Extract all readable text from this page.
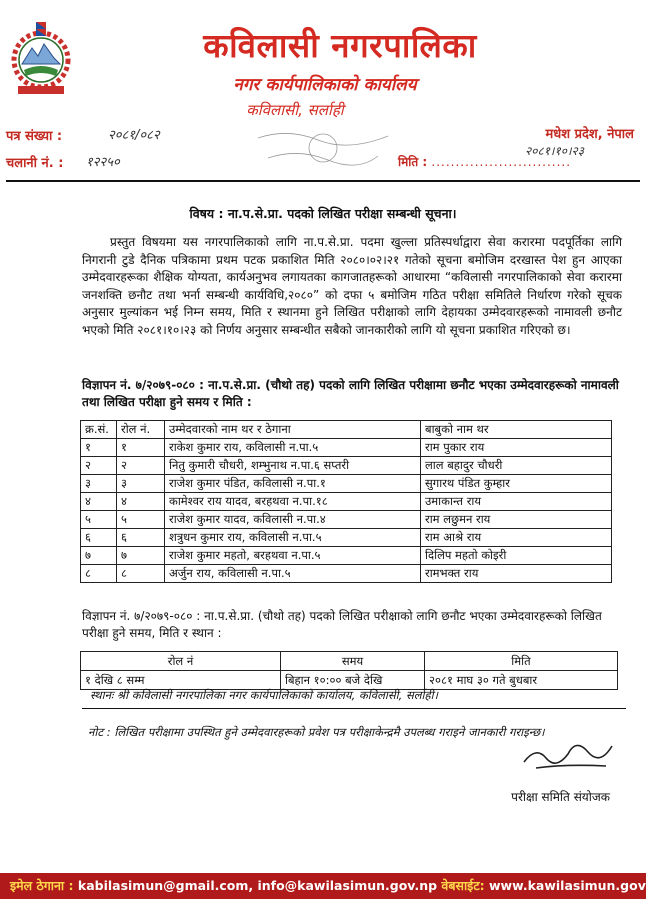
कविलासी नगरपालिका
नगर कार्यपालिकाको कार्यालय
कविलासी, सर्लाही
पत्र संख्या :	२०८१/०८२
चलानी नं. : १२२५०
मधेश प्रदेश, नेपाल
२०८१।१०।२३
मिति : .............................
विषय : ना.प.से.प्रा. पदको लिखित परीक्षा सम्बन्धी सूचना।
प्रस्तुत विषयमा यस नगरपालिकाको लागि ना.प.से.प्रा. पदमा खुल्ला प्रतिस्पर्धाद्वारा सेवा करारमा पदपूर्तिका लागि निगरानी टुडे दैनिक पत्रिकामा प्रथम पटक प्रकाशित मिति २०८०।०२।२१ गतेको सूचना बमोजिम दरखास्त पेश हुन आएका उम्मेदवारहरूका शैक्षिक योग्यता, कार्यअनुभव लगायतका कागजातहरूको आधारमा “कविलासी नगरपालिकाको सेवा करारमा जनशक्ति छनौट तथा भर्ना सम्बन्धी कार्यविधि,२०८०” को दफा ५ बमोजिम गठित परीक्षा समितिले निर्धारण गरेको सूचक अनुसार मुल्यांकन भई निम्न समय, मिति र स्थानमा हुने लिखित परीक्षाको लागि देहायका उम्मेदवारहरूको नामावली छनौट भएको मिति २०८१।१०।२३ को निर्णय अनुसार सम्बन्धीत सबैको जानकारीको लागि यो सूचना प्रकाशित गरिएको छ।
विज्ञापन नं. ७/२०७९-०८० : ना.प.से.प्रा. (चौथो तह) पदको लागि लिखित परीक्षामा छनौट भएका उम्मेदवारहरूको नामावली तथा लिखित परीक्षा हुने समय र मिति :
क्र.सं.	रोल नं.	उम्मेदवारको नाम थर र ठेगाना	बाबुको नाम थर
१	१	राकेश कुमार राय, कविलासी न.पा.५	राम पुकार राय
२	२	नितु कुमारी चौधरी, शम्भुनाथ न.पा.६ सप्तरी	लाल बहादुर चौधरी
३	३	राजेश कुमार पंडित, कविलासी न.पा.१	सुगारथ पंडित कुम्हार
४	४	कामेश्वर राय यादव, बरहथवा न.पा.१८	उमाकान्त राय
५	५	राजेश कुमार यादव, कविलासी न.पा.४	राम लछुमन राय
६	६	शत्रुधन कुमार राय, कविलासी न.पा.५	राम आश्रे राय
७	७	राजेश कुमार महतो, बरहथवा न.पा.५	दिलिप महतो कोइरी
८	८	अर्जुन राय, कविलासी न.पा.५	रामभक्त राय
विज्ञापन नं. ७/२०७९-०८० : ना.प.से.प्रा. (चौथो तह) पदको लिखित परीक्षाको लागि छनौट भएका उम्मेदवारहरूको लिखित परीक्षा हुने समय, मिति र स्थान :
रोल नं	समय	मिति
१ देखि ८ सम्म	बिहान १०:०० बजे देखि	२०८१ माघ ३० गते बुधबार
स्थानः श्री कविलासी नगरपालिका नगर कार्यपालिकाको कार्यालय, कविलासी, सर्लाही।
नोट : लिखित परीक्षामा उपस्थित हुने उम्मेदवारहरूको प्रवेश पत्र परीक्षाकेन्द्रमै उपलब्ध गराइने जानकारी गराइन्छ।
परीक्षा समिति संयोजक
इमेल ठेगाना : kabilasimun@gmail.com, info@kawilasimun.gov.np वेबसाईट: www.kawilasimun.gov.np
